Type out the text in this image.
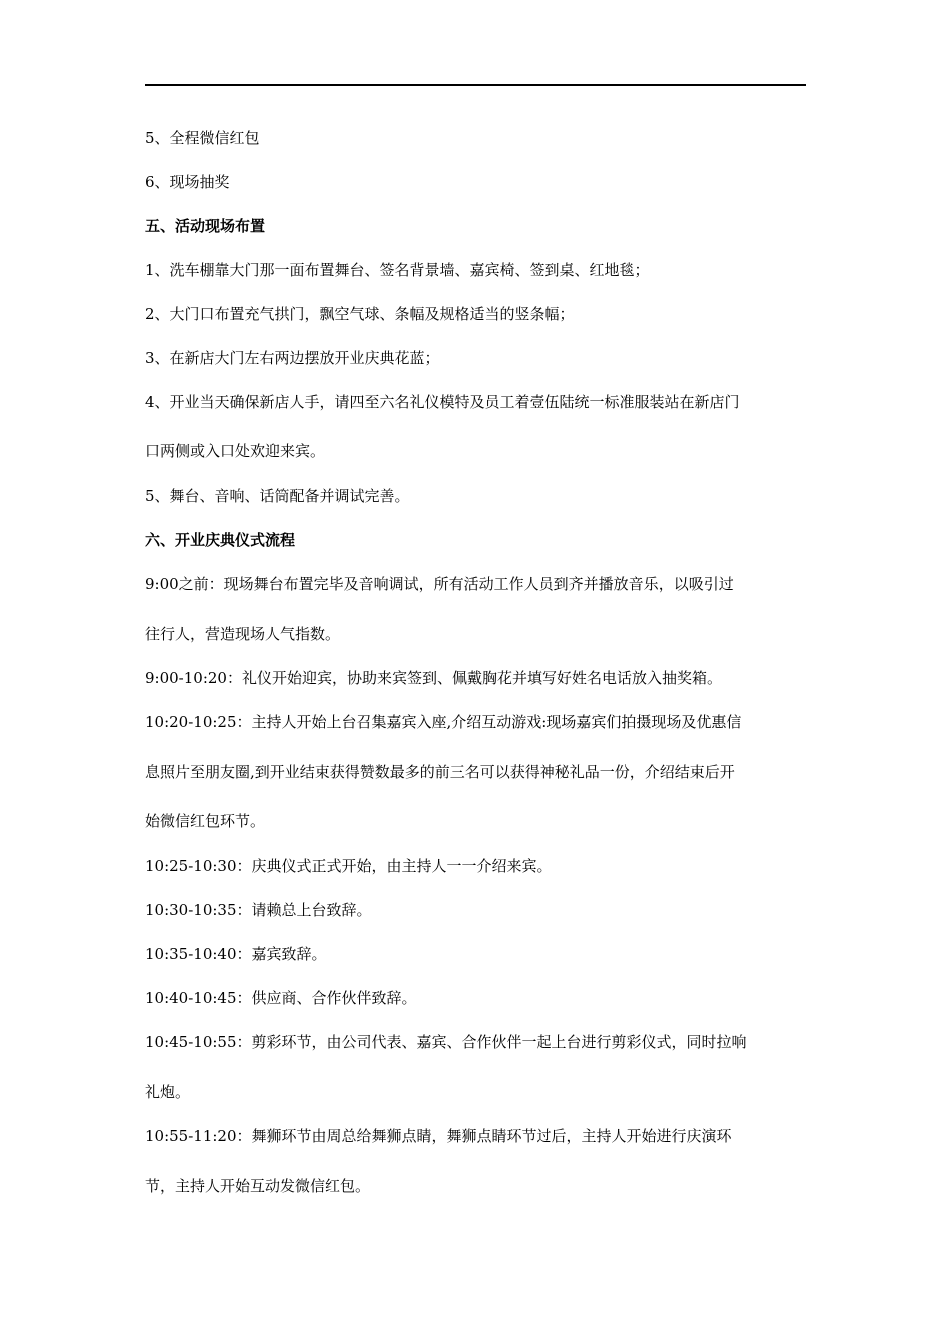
5、全程微信红包
6、现场抽奖
五、活动现场布置
1、洗车棚靠大门那一面布置舞台、签名背景墙、嘉宾椅、签到桌、红地毯；
2、大门口布置充气拱门，飘空气球、条幅及规格适当的竖条幅；
3、在新店大门左右两边摆放开业庆典花蓝；
4、开业当天确保新店人手，请四至六名礼仪模特及员工着壹伍陆统一标准服装站在新店门
口两侧或入口处欢迎来宾。
5、舞台、音响、话筒配备并调试完善。
六、开业庆典仪式流程
9:00之前：现场舞台布置完毕及音响调试，所有活动工作人员到齐并播放音乐，以吸引过
往行人，营造现场人气指数。
9:00-10:20：礼仪开始迎宾，协助来宾签到、佩戴胸花并填写好姓名电话放入抽奖箱。
10:20-10:25：主持人开始上台召集嘉宾入座,介绍互动游戏:现场嘉宾们拍摄现场及优惠信
息照片至朋友圈,到开业结束获得赞数最多的前三名可以获得神秘礼品一份，介绍结束后开
始微信红包环节。
10:25-10:30：庆典仪式正式开始，由主持人一一介绍来宾。
10:30-10:35：请赖总上台致辞。
10:35-10:40：嘉宾致辞。
10:40-10:45：供应商、合作伙伴致辞。
10:45-10:55：剪彩环节，由公司代表、嘉宾、合作伙伴一起上台进行剪彩仪式，同时拉响
礼炮。
10:55-11:20：舞狮环节由周总给舞狮点睛，舞狮点睛环节过后，主持人开始进行庆演环
节，主持人开始互动发微信红包。
